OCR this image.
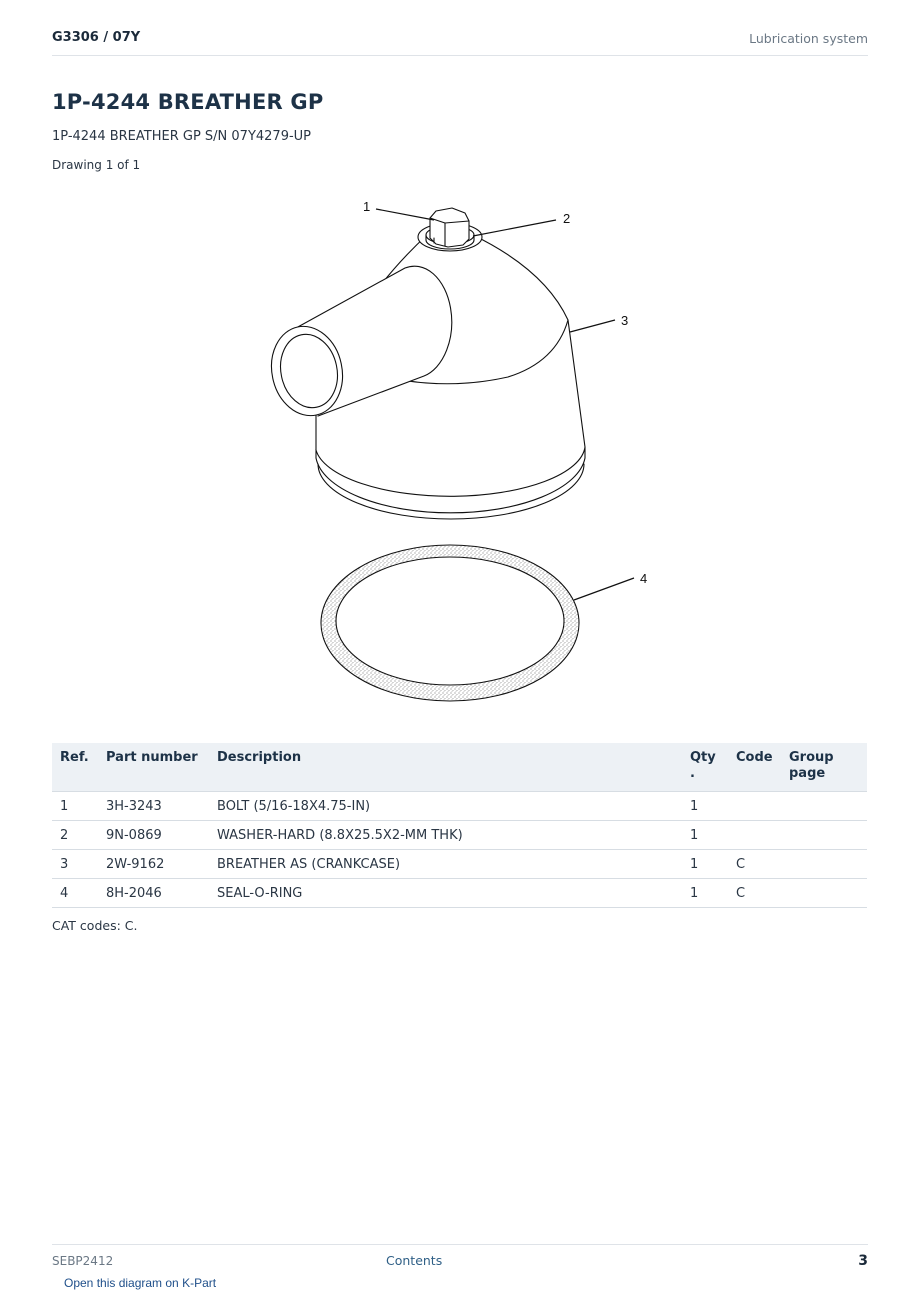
G3306 / 07Y	Lubrication system
1P-4244 BREATHER GP
1P-4244 BREATHER GP S/N 07Y4279-UP
Drawing 1 of 1
1
2
3
4
Ref.	Part number	Description	Qty .	Code	Group page
1	3H-3243	BOLT (5/16-18X4.75-IN)	1		
2	9N-0869	WASHER-HARD (8.8X25.5X2-MM THK)	1		
3	2W-9162	BREATHER AS (CRANKCASE)	1	C	
4	8H-2046	SEAL-O-RING	1	C	
CAT codes: C.
SEBP2412	Contents	3
Open this diagram on K-Part
